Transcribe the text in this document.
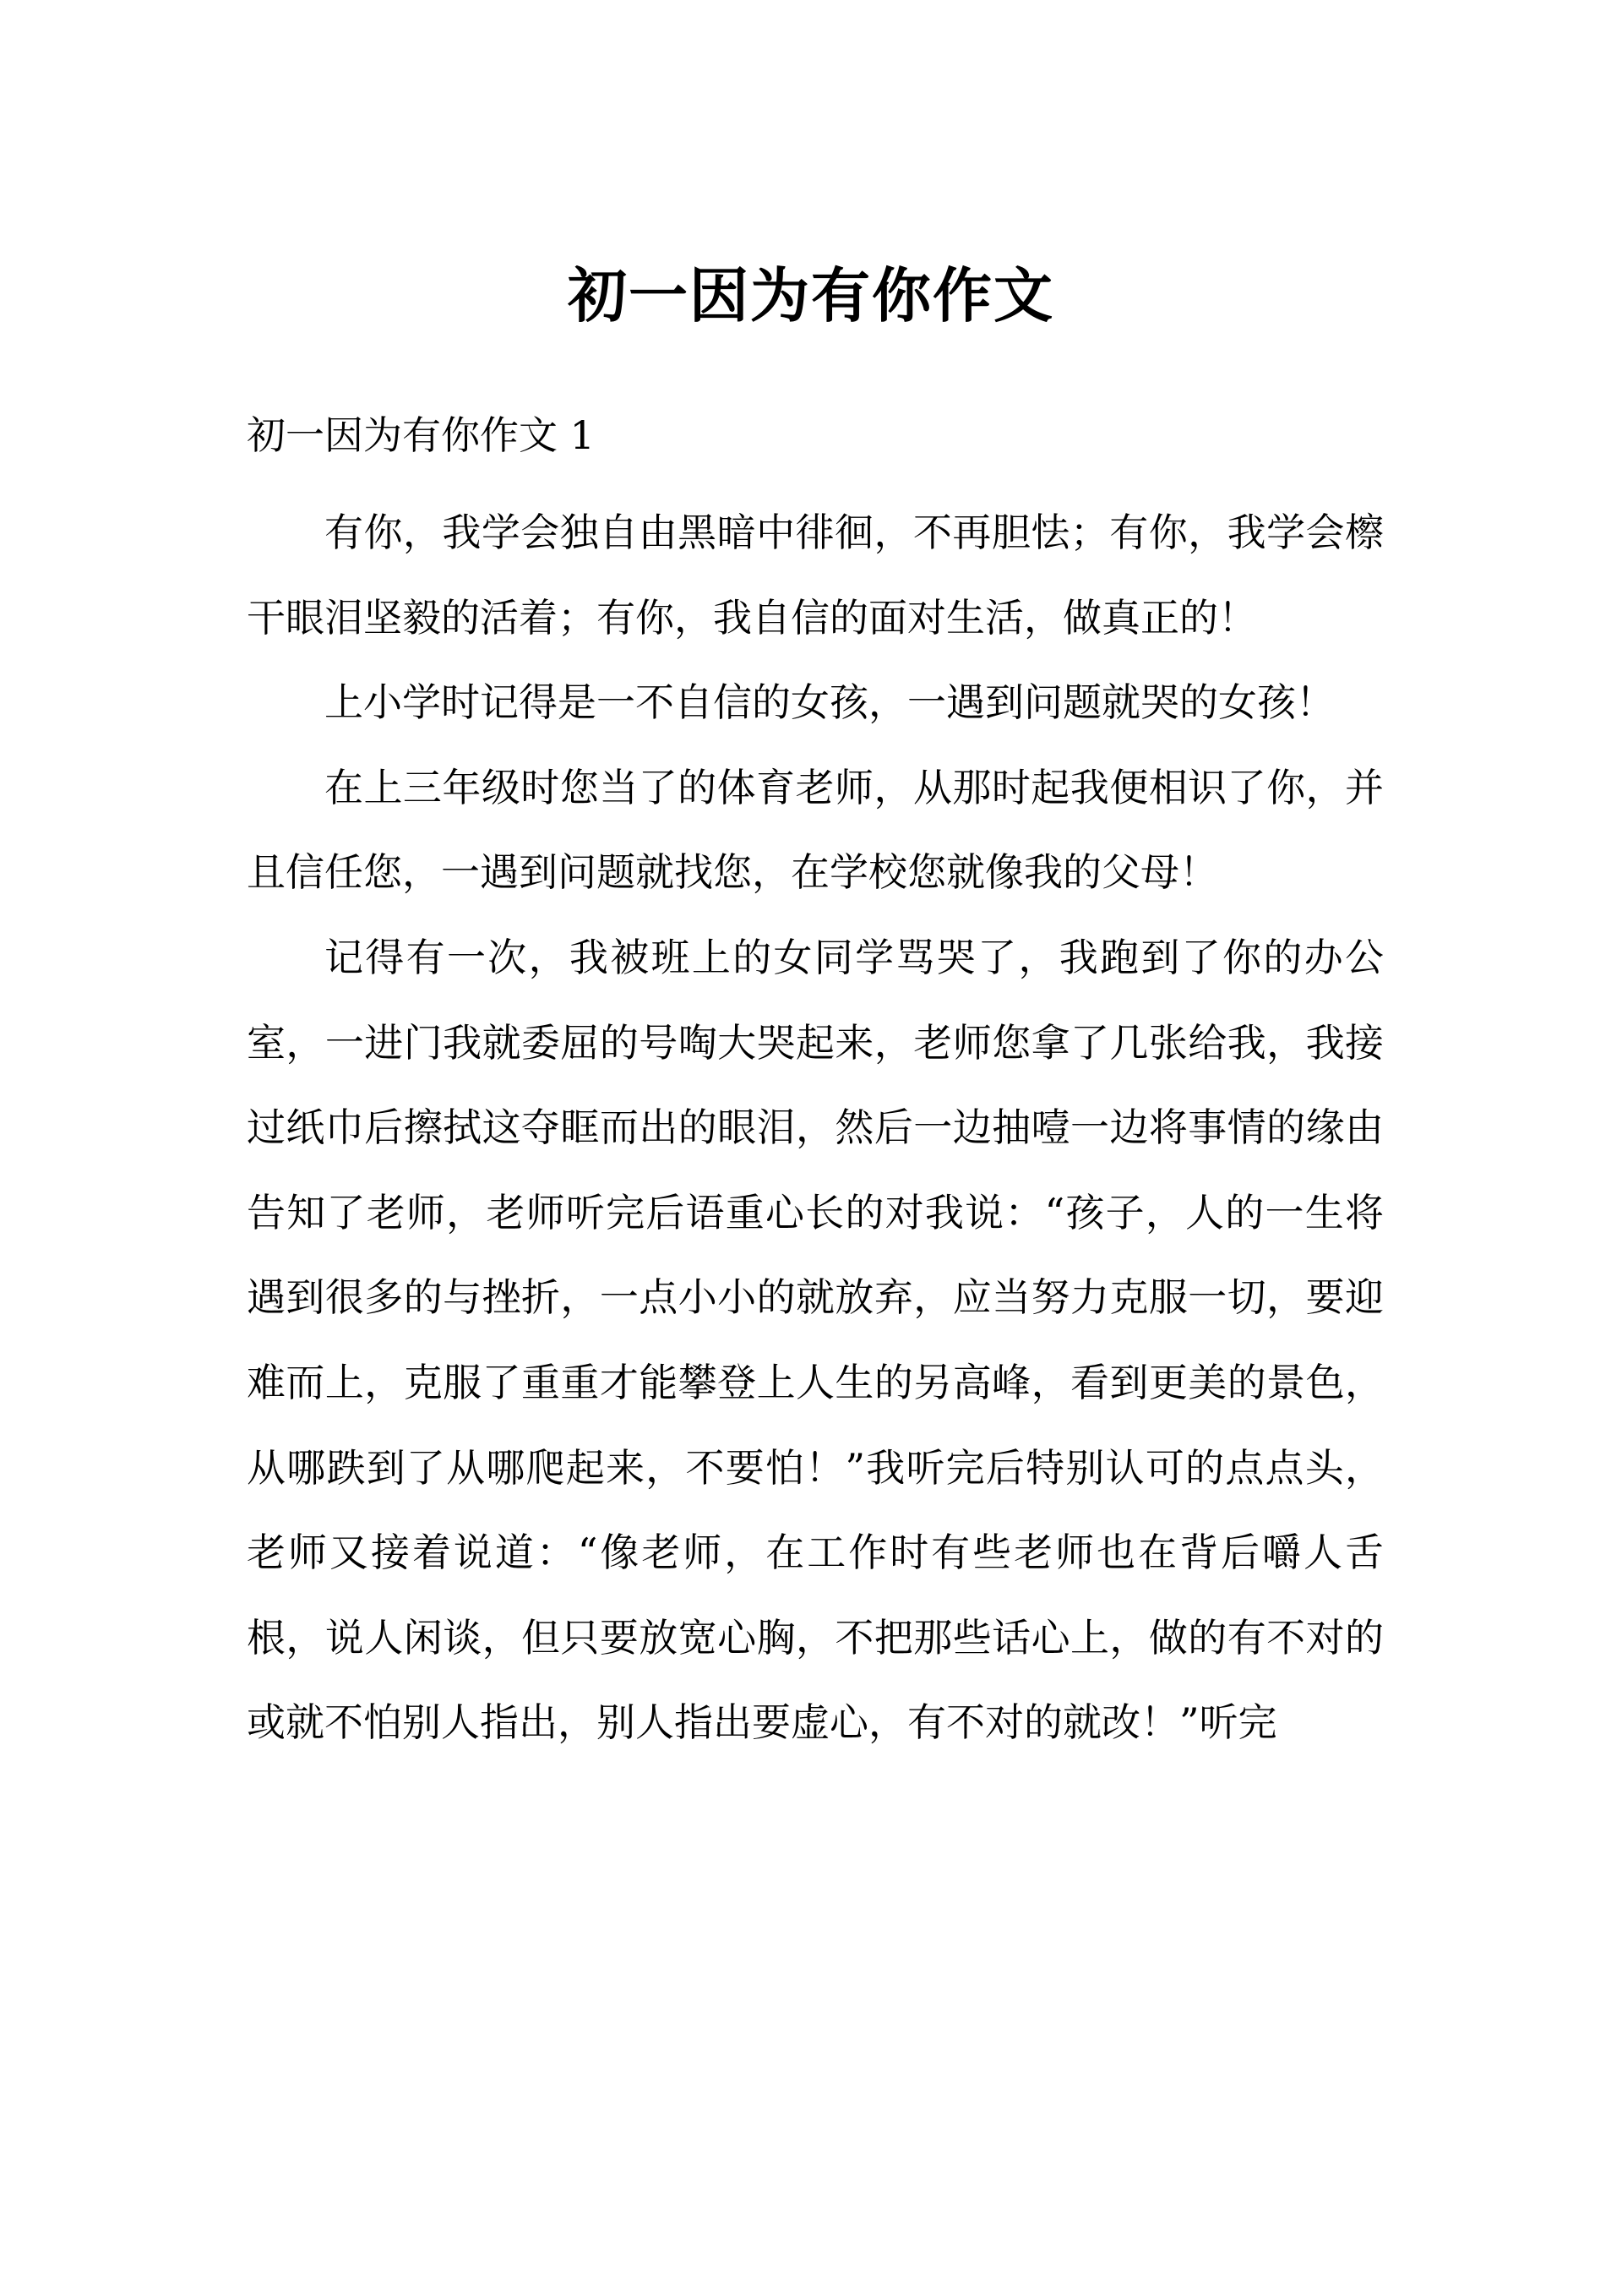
初一因为有你作文
初一因为有你作文 1

有你，我学会独自由黑暗中徘徊，不再胆怯；有你，我学会檫干眼泪坚毅的活着；有你，我自信的面对生活，做真正的！

上小学时记得是一不自信的女孩，一遇到问题就哭的女孩！

在上三年级时您当了的体育老师，从那时起我便相识了你，并且信任您，一遇到问题就找您，在学校您就像我的父母！

记得有一次，我被班上的女同学骂哭了，我跑到了你的办公室，一进门我就委屈的号啕大哭起来，老师您拿了几张给我，我接过纸巾后擦拭这夺眶而出的眼泪，然后一边抽噎一边将事情的缘由告知了老师，老师听完后语重心长的对我说：“孩子，人的一生将遇到很多的与挫折，一点小小的就放弃，应当努力克服一切，要迎难而上，克服了重重才能攀登上人生的另高峰，看到更美的景色，从哪跌到了从哪爬起来，不要怕！”我听完后特别认可的点点头，老师又接着说道：“像老师，在工作时有些老师也在背后嚼人舌根，说人闲谈，但只要放宽心胸，不把那些话心上，做的有不对的或就不怕别人指出，别人指出要虚心，有不对的就改！”听完
